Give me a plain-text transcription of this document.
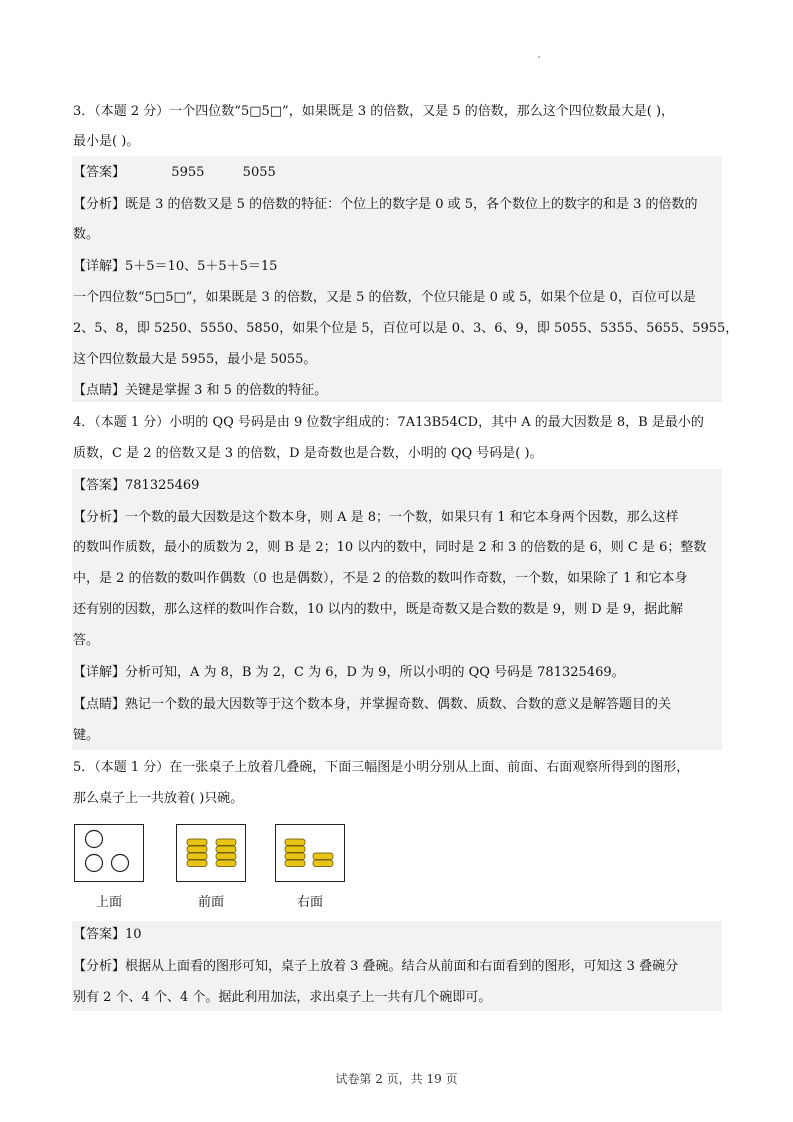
3．（本题 2 分）一个四位数“5□5□”，如果既是 3 的倍数，又是 5 的倍数，那么这个四位数最大是( )，
最小是( )。
【答案】	5955	5055
【分析】既是 3 的倍数又是 5 的倍数的特征：个位上的数字是 0 或 5，各个数位上的数字的和是 3 的倍数的
数。
【详解】5＋5＝10、5＋5＋5＝15
一个四位数“5□5□”，如果既是 3 的倍数，又是 5 的倍数，个位只能是 0 或 5，如果个位是 0，百位可以是
2、5、8，即 5250、5550、5850，如果个位是 5，百位可以是 0、3、6、9，即 5055、5355、5655、5955，
这个四位数最大是 5955，最小是 5055。
【点睛】关键是掌握 3 和 5 的倍数的特征。
4．（本题 1 分）小明的 QQ 号码是由 9 位数字组成的：7A13B54CD，其中 A 的最大因数是 8，B 是最小的
质数，C 是 2 的倍数又是 3 的倍数，D 是奇数也是合数，小明的 QQ 号码是( )。
【答案】781325469
【分析】一个数的最大因数是这个数本身，则 A 是 8；一个数，如果只有 1 和它本身两个因数，那么这样
的数叫作质数，最小的质数为 2，则 B 是 2；10 以内的数中，同时是 2 和 3 的倍数的是 6，则 C 是 6；整数
中，是 2 的倍数的数叫作偶数（0 也是偶数），不是 2 的倍数的数叫作奇数，一个数，如果除了 1 和它本身
还有别的因数，那么这样的数叫作合数，10 以内的数中，既是奇数又是合数的数是 9，则 D 是 9，据此解
答。
【详解】分析可知，A 为 8，B 为 2，C 为 6，D 为 9，所以小明的 QQ 号码是 781325469。
【点睛】熟记一个数的最大因数等于这个数本身，并掌握奇数、偶数、质数、合数的意义是解答题目的关
键。
5．（本题 1 分）在一张桌子上放着几叠碗，下面三幅图是小明分别从上面、前面、右面观察所得到的图形，
那么桌子上一共放着( )只碗。
上面	前面	右面
【答案】10
【分析】根据从上面看的图形可知，桌子上放着 3 叠碗。结合从前面和右面看到的图形，可知这 3 叠碗分
别有 2 个、4 个、4 个。据此利用加法，求出桌子上一共有几个碗即可。
试卷第 2 页，共 19 页
